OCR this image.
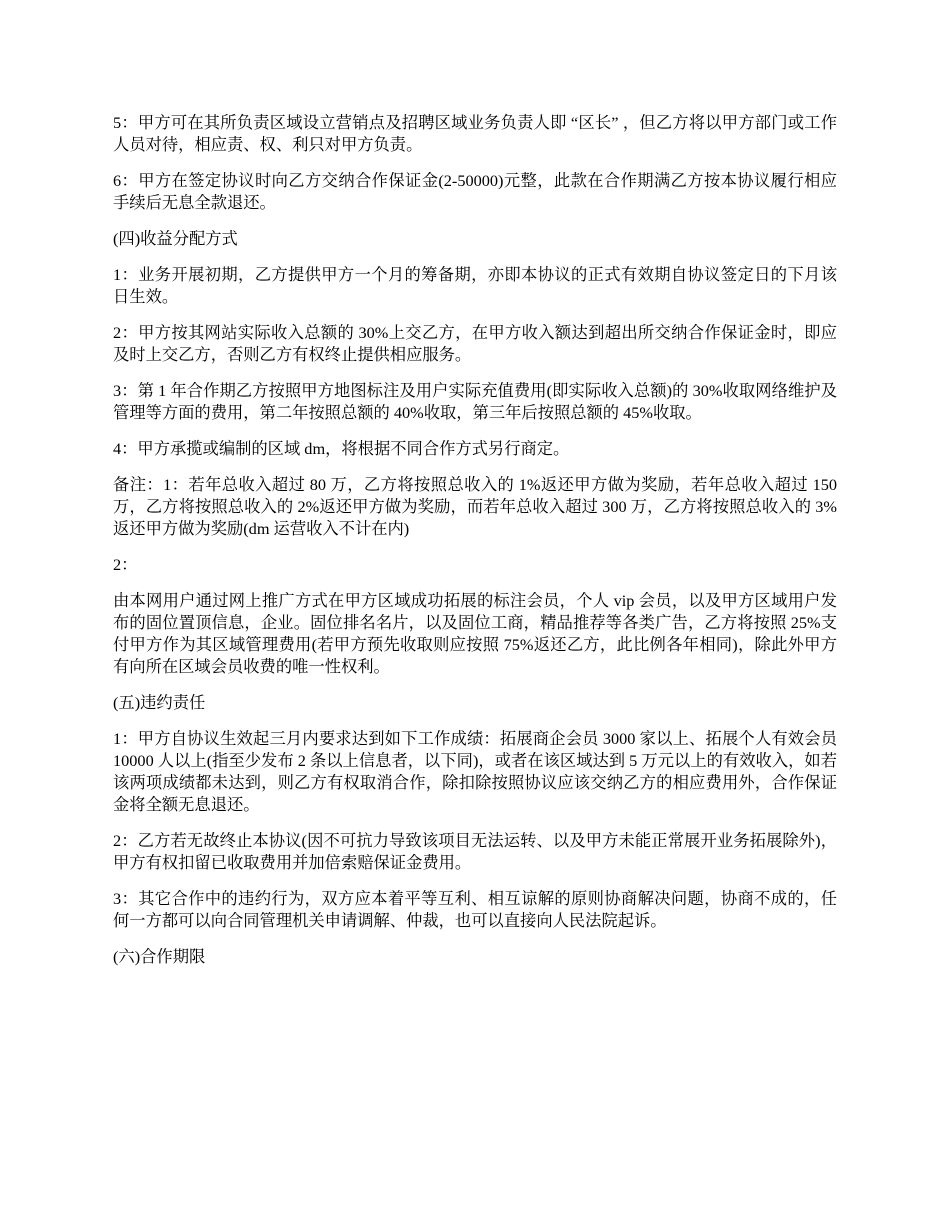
5：甲方可在其所负责区域设立营销点及招聘区域业务负责人即 “区长” ，但乙方将以甲方部门或工作人员对待，相应责、权、利只对甲方负责。

6：甲方在签定协议时向乙方交纳合作保证金(2-50000)元整，此款在合作期满乙方按本协议履行相应手续后无息全款退还。

(四)收益分配方式

1：业务开展初期，乙方提供甲方一个月的筹备期，亦即本协议的正式有效期自协议签定日的下月该日生效。

2：甲方按其网站实际收入总额的 30%上交乙方，在甲方收入额达到超出所交纳合作保证金时，即应及时上交乙方，否则乙方有权终止提供相应服务。

3：第 1 年合作期乙方按照甲方地图标注及用户实际充值费用(即实际收入总额)的 30%收取网络维护及管理等方面的费用，第二年按照总额的 40%收取，第三年后按照总额的 45%收取。

4：甲方承揽或编制的区域 dm，将根据不同合作方式另行商定。

备注：1：若年总收入超过 80 万，乙方将按照总收入的 1%返还甲方做为奖励，若年总收入超过 150 万，乙方将按照总收入的 2%返还甲方做为奖励，而若年总收入超过 300 万，乙方将按照总收入的 3%返还甲方做为奖励(dm 运营收入不计在内)

2：

由本网用户通过网上推广方式在甲方区域成功拓展的标注会员，个人 vip 会员，以及甲方区域用户发布的固位置顶信息，企业。固位排名名片，以及固位工商，精品推荐等各类广告，乙方将按照 25%支付甲方作为其区域管理费用(若甲方预先收取则应按照 75%返还乙方，此比例各年相同)，除此外甲方有向所在区域会员收费的唯一性权利。

(五)违约责任

1：甲方自协议生效起三月内要求达到如下工作成绩：拓展商企会员 3000 家以上、拓展个人有效会员 10000 人以上(指至少发布 2 条以上信息者，以下同)，或者在该区域达到 5 万元以上的有效收入，如若该两项成绩都未达到，则乙方有权取消合作，除扣除按照协议应该交纳乙方的相应费用外，合作保证金将全额无息退还。

2：乙方若无故终止本协议(因不可抗力导致该项目无法运转、以及甲方未能正常展开业务拓展除外)，甲方有权扣留已收取费用并加倍索赔保证金费用。

3：其它合作中的违约行为，双方应本着平等互利、相互谅解的原则协商解决问题，协商不成的，任何一方都可以向合同管理机关申请调解、仲裁，也可以直接向人民法院起诉。

(六)合作期限
